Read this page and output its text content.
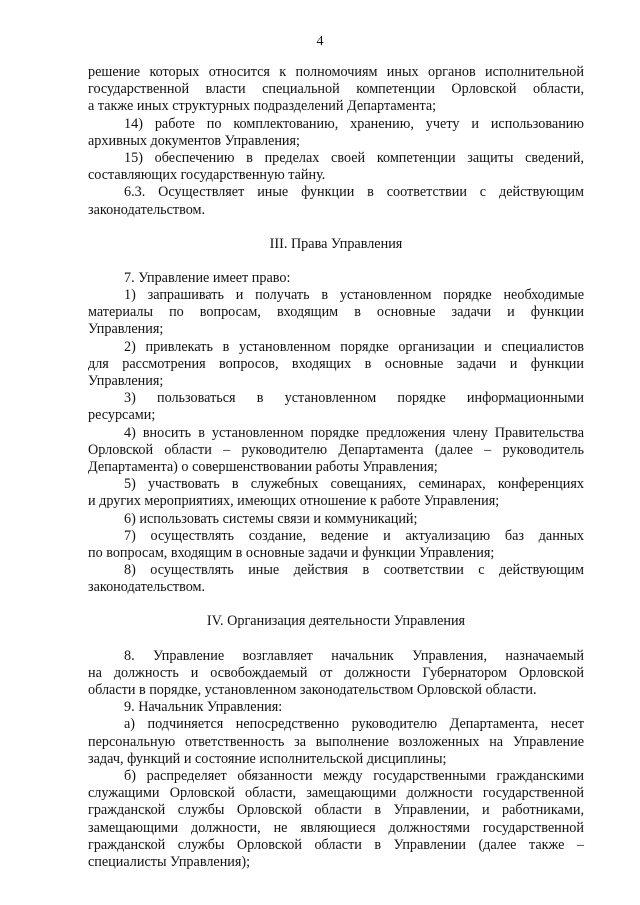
4
решение которых относится к полномочиям иных органов исполнительной
государственной власти специальной компетенции Орловской области,
а также иных структурных подразделений Департамента;
14) работе по комплектованию, хранению, учету и использованию
архивных документов Управления;
15) обеспечению в пределах своей компетенции защиты сведений,
составляющих государственную тайну.
6.3. Осуществляет иные функции в соответствии с действующим
законодательством.
III. Права Управления
7. Управление имеет право:
1) запрашивать и получать в установленном порядке необходимые
материалы по вопросам, входящим в основные задачи и функции
Управления;
2) привлекать в установленном порядке организации и специалистов
для рассмотрения вопросов, входящих в основные задачи и функции
Управления;
3) пользоваться в установленном порядке информационными
ресурсами;
4) вносить в установленном порядке предложения члену Правительства
Орловской области – руководителю Департамента (далее – руководитель
Департамента) о совершенствовании работы Управления;
5) участвовать в служебных совещаниях, семинарах, конференциях
и других мероприятиях, имеющих отношение к работе Управления;
6) использовать системы связи и коммуникаций;
7) осуществлять создание, ведение и актуализацию баз данных
по вопросам, входящим в основные задачи и функции Управления;
8) осуществлять иные действия в соответствии с действующим
законодательством.
IV. Организация деятельности Управления
8. Управление возглавляет начальник Управления, назначаемый
на должность и освобождаемый от должности Губернатором Орловской
области в порядке, установленном законодательством Орловской области.
9. Начальник Управления:
а) подчиняется непосредственно руководителю Департамента, несет
персональную ответственность за выполнение возложенных на Управление
задач, функций и состояние исполнительской дисциплины;
б) распределяет обязанности между государственными гражданскими
служащими Орловской области, замещающими должности государственной
гражданской службы Орловской области в Управлении, и работниками,
замещающими должности, не являющиеся должностями государственной
гражданской службы Орловской области в Управлении (далее также –
специалисты Управления);
